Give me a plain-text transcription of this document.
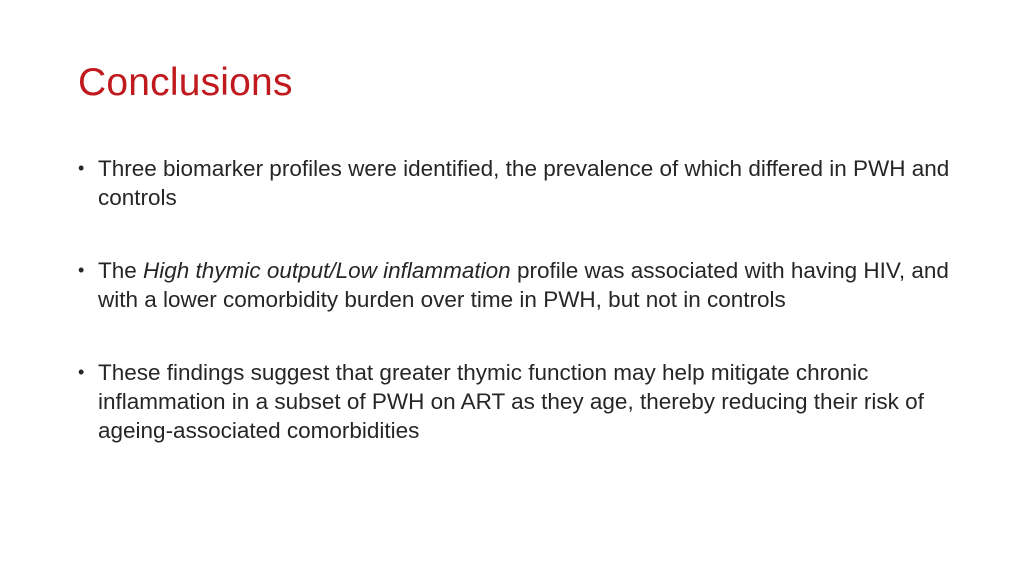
Conclusions
• Three biomarker profiles were identified, the prevalence of which differed in PWH and controls
• The High thymic output/Low inflammation profile was associated with having HIV, and with a lower comorbidity burden over time in PWH, but not in controls
• These findings suggest that greater thymic function may help mitigate chronic inflammation in a subset of PWH on ART as they age, thereby reducing their risk of ageing-associated comorbidities
